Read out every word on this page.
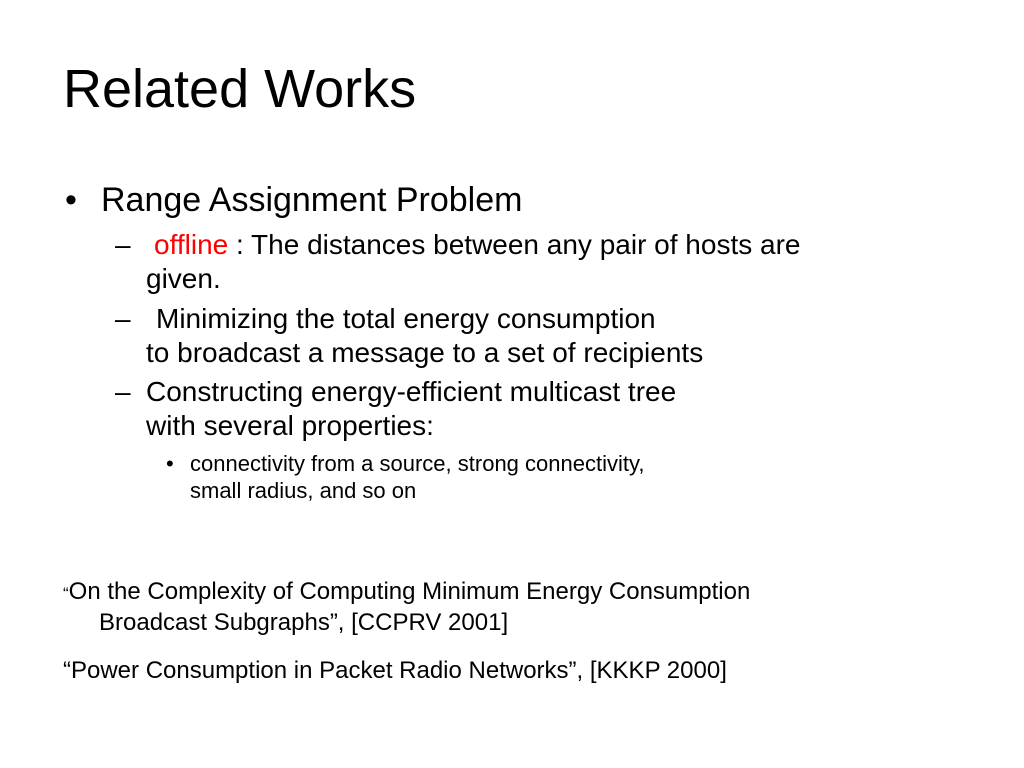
Related Works
• Range Assignment Problem
– offline : The distances between any pair of hosts are
given.
– Minimizing the total energy consumption
to broadcast a message to a set of recipients
– Constructing energy-efficient multicast tree
with several properties:
• connectivity from a source, strong connectivity,
small radius, and so on
“On the Complexity of Computing Minimum Energy Consumption
Broadcast Subgraphs”, [CCPRV 2001]
“Power Consumption in Packet Radio Networks”, [KKKP 2000]
